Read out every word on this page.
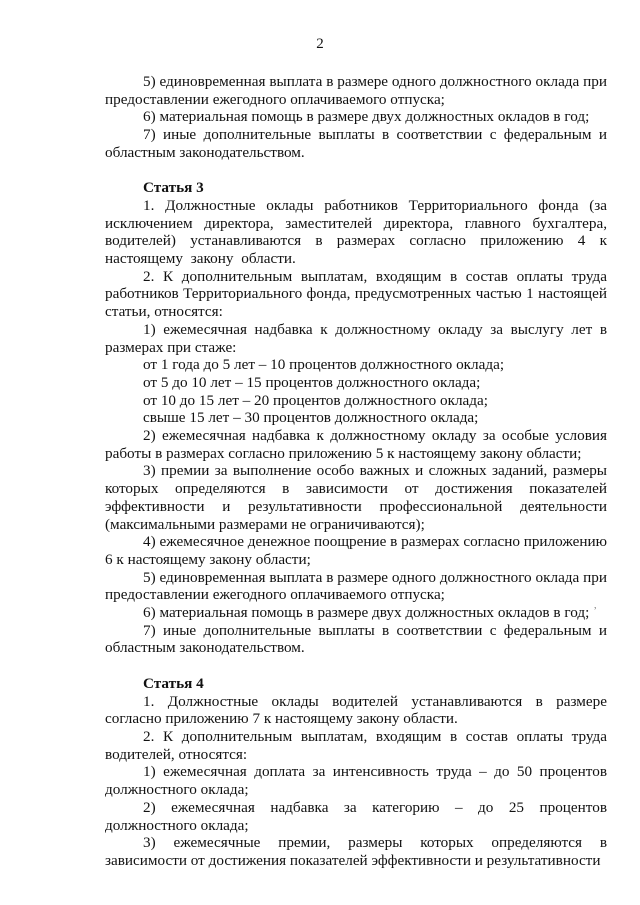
2

5) единовременная выплата в размере одного должностного оклада при предоставлении ежегодного оплачиваемого отпуска;

6) материальная помощь в размере двух должностных окладов в год;

7) иные дополнительные выплаты в соответствии с федеральным и областным законодательством.

Статья 3

1. Должностные оклады работников Территориального фонда (за исключением директора, заместителей директора, главного бухгалтера, водителей) устанавливаются в размерах согласно приложению 4 к настоящему закону области.

2. К дополнительным выплатам, входящим в состав оплаты труда работников Территориального фонда, предусмотренных частью 1 настоящей статьи, относятся:

1) ежемесячная надбавка к должностному окладу за выслугу лет в размерах при стаже:

от 1 года до 5 лет – 10 процентов должностного оклада;

от 5 до 10 лет – 15 процентов должностного оклада;

от 10 до 15 лет – 20 процентов должностного оклада;

свыше 15 лет – 30 процентов должностного оклада;

2) ежемесячная надбавка к должностному окладу за особые условия работы в размерах согласно приложению 5 к настоящему закону области;

3) премии за выполнение особо важных и сложных заданий, размеры которых определяются в зависимости от достижения показателей эффективности и результативности профессиональной деятельности (максимальными размерами не ограничиваются);

4) ежемесячное денежное поощрение в размерах согласно приложению 6 к настоящему закону области;

5) единовременная выплата в размере одного должностного оклада при предоставлении ежегодного оплачиваемого отпуска;

6) материальная помощь в размере двух должностных окладов в год;

7) иные дополнительные выплаты в соответствии с федеральным и областным законодательством.

Статья 4

1. Должностные оклады водителей устанавливаются в размере согласно приложению 7 к настоящему закону области.

2. К дополнительным выплатам, входящим в состав оплаты труда водителей, относятся:

1) ежемесячная доплата за интенсивность труда – до 50 процентов должностного оклада;

2) ежемесячная надбавка за категорию – до 25 процентов должностного оклада;

3) ежемесячные премии, размеры которых определяются в зависимости от достижения показателей эффективности и результативности

,
